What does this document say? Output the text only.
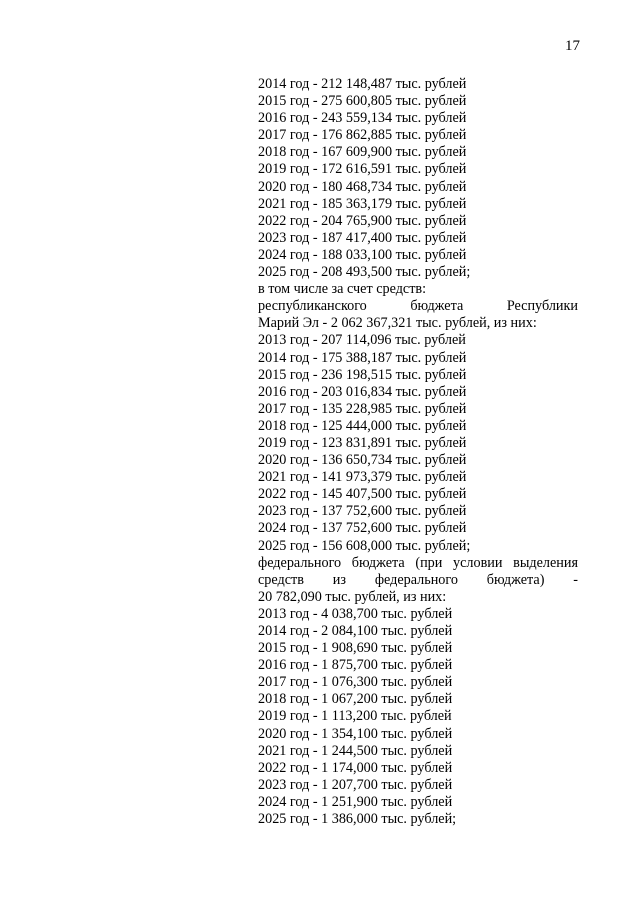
17
2014 год - 212 148,487 тыс. рублей
2015 год - 275 600,805 тыс. рублей
2016 год - 243 559,134 тыс. рублей
2017 год - 176 862,885 тыс. рублей
2018 год - 167 609,900 тыс. рублей
2019 год - 172 616,591 тыс. рублей
2020 год - 180 468,734 тыс. рублей
2021 год - 185 363,179 тыс. рублей
2022 год - 204 765,900 тыс. рублей
2023 год - 187 417,400 тыс. рублей
2024 год - 188 033,100 тыс. рублей
2025 год - 208 493,500 тыс. рублей;
в том числе за счет средств:
республиканского	бюджета	Республики
Марий Эл - 2 062 367,321 тыс. рублей, из них:
2013 год - 207 114,096 тыс. рублей
2014 год - 175 388,187 тыс. рублей
2015 год - 236 198,515 тыс. рублей
2016 год - 203 016,834 тыс. рублей
2017 год - 135 228,985 тыс. рублей
2018 год - 125 444,000 тыс. рублей
2019 год - 123 831,891 тыс. рублей
2020 год - 136 650,734 тыс. рублей
2021 год - 141 973,379 тыс. рублей
2022 год - 145 407,500 тыс. рублей
2023 год - 137 752,600 тыс. рублей
2024 год - 137 752,600 тыс. рублей
2025 год - 156 608,000 тыс. рублей;
федерального бюджета (при условии выделения
средств из федерального бюджета) -
20 782,090 тыс. рублей, из них:
2013 год - 4 038,700 тыс. рублей
2014 год - 2 084,100 тыс. рублей
2015 год - 1 908,690 тыс. рублей
2016 год - 1 875,700 тыс. рублей
2017 год - 1 076,300 тыс. рублей
2018 год - 1 067,200 тыс. рублей
2019 год - 1 113,200 тыс. рублей
2020 год - 1 354,100 тыс. рублей
2021 год - 1 244,500 тыс. рублей
2022 год - 1 174,000 тыс. рублей
2023 год - 1 207,700 тыс. рублей
2024 год - 1 251,900 тыс. рублей
2025 год - 1 386,000 тыс. рублей;
